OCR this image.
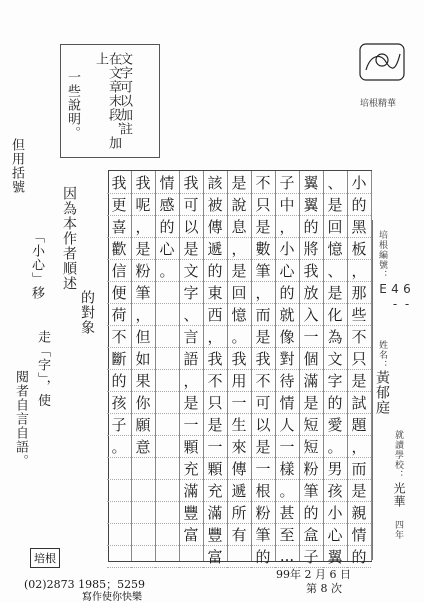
培根精華
文字可以加註
在文章末段，加上
一些說明。
但用括號
「小心」移
走「字」，使
閱者自言自語。
因為本作者順述
的對象
小
的
黑
板
，
那
些
不
只
是
試
題
，
而
是
親
情
的
、
是
回
憶
、
是
化
為
文
字
的
愛
。
男
孩
小
心
翼
翼
翼
的
將
我
放
入
一
個
滿
是
短
短
粉
筆
的
盒
子
子
中
，
小
心
的
就
像
對
待
情
人
一
樣
。
甚
至
...
不
只
是
數
筆
，
而
是
我
不
可
以
是
一
根
粉
筆
的
是
說
息
，
是
回
憶
。
我
用
一
生
來
傳
遞
所
有
該
被
傳
遞
的
東
西
，
我
不
只
是
一
顆
充
滿
豐
富
我
可
以
是
文
字
、
言
語
，
是
一
顆
充
滿
豐
富
情
感
的
心
。
我
呢
，
是
粉
筆
，
但
如
果
你
願
意
我
更
喜
歡
信
便
荷
不
斷
的
孩
子
。
培根編號：
6-4-E
姓名：
黃郁庭
就讀學校：
光華
四年
培根
(02)2873 1985；5259
寫作使你快樂
99年 2 月 6 日
第 8 次
